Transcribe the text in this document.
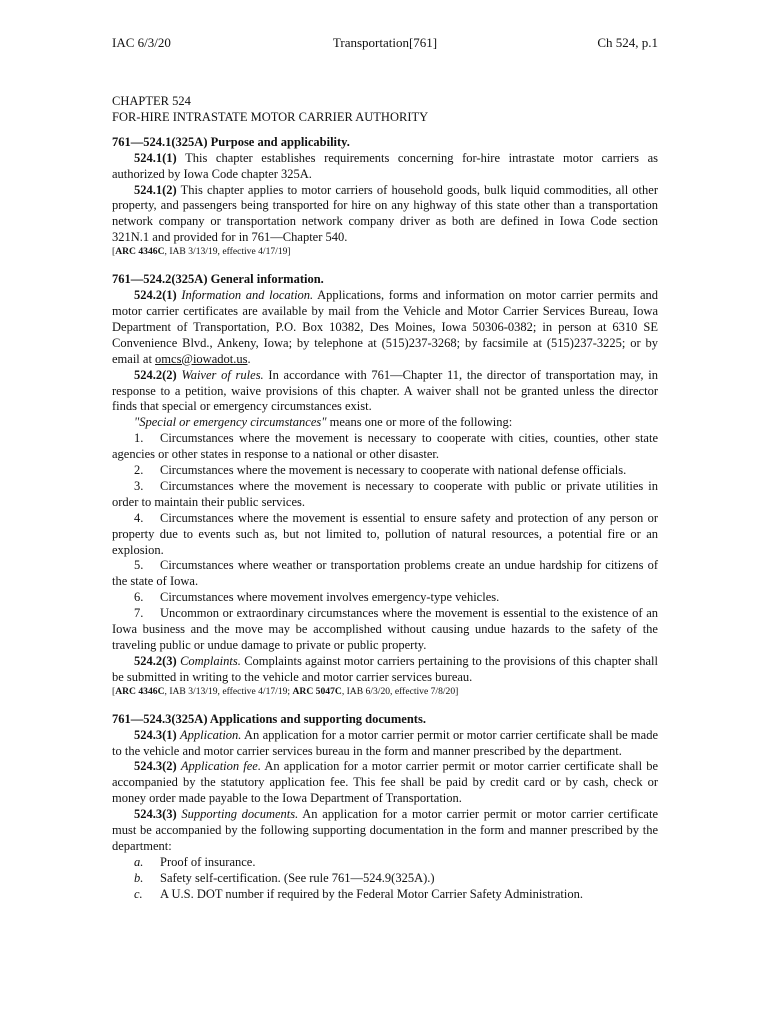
IAC 6/3/20	Transportation[761]	Ch 524, p.1

CHAPTER 524

FOR-HIRE INTRASTATE MOTOR CARRIER AUTHORITY

761—524.1(325A) Purpose and applicability.

524.1(1) This chapter establishes requirements concerning for-hire intrastate motor carriers as authorized by Iowa Code chapter 325A.

524.1(2) This chapter applies to motor carriers of household goods, bulk liquid commodities, all other property, and passengers being transported for hire on any highway of this state other than a transportation network company or transportation network company driver as both are defined in Iowa Code section 321N.1 and provided for in 761—Chapter 540.

[ARC 4346C, IAB 3/13/19, effective 4/17/19]

761—524.2(325A) General information.

524.2(1) Information and location. Applications, forms and information on motor carrier permits and motor carrier certificates are available by mail from the Vehicle and Motor Carrier Services Bureau, Iowa Department of Transportation, P.O. Box 10382, Des Moines, Iowa 50306-0382; in person at 6310 SE Convenience Blvd., Ankeny, Iowa; by telephone at (515)237-3268; by facsimile at (515)237-3225; or by email at omcs@iowadot.us.

524.2(2) Waiver of rules. In accordance with 761—Chapter 11, the director of transportation may, in response to a petition, waive provisions of this chapter. A waiver shall not be granted unless the director finds that special or emergency circumstances exist.

"Special or emergency circumstances" means one or more of the following:

1. Circumstances where the movement is necessary to cooperate with cities, counties, other state agencies or other states in response to a national or other disaster.

2. Circumstances where the movement is necessary to cooperate with national defense officials.

3. Circumstances where the movement is necessary to cooperate with public or private utilities in order to maintain their public services.

4. Circumstances where the movement is essential to ensure safety and protection of any person or property due to events such as, but not limited to, pollution of natural resources, a potential fire or an explosion.

5. Circumstances where weather or transportation problems create an undue hardship for citizens of the state of Iowa.

6. Circumstances where movement involves emergency-type vehicles.

7. Uncommon or extraordinary circumstances where the movement is essential to the existence of an Iowa business and the move may be accomplished without causing undue hazards to the safety of the traveling public or undue damage to private or public property.

524.2(3) Complaints. Complaints against motor carriers pertaining to the provisions of this chapter shall be submitted in writing to the vehicle and motor carrier services bureau.

[ARC 4346C, IAB 3/13/19, effective 4/17/19; ARC 5047C, IAB 6/3/20, effective 7/8/20]

761—524.3(325A) Applications and supporting documents.

524.3(1) Application. An application for a motor carrier permit or motor carrier certificate shall be made to the vehicle and motor carrier services bureau in the form and manner prescribed by the department.

524.3(2) Application fee. An application for a motor carrier permit or motor carrier certificate shall be accompanied by the statutory application fee. This fee shall be paid by credit card or by cash, check or money order made payable to the Iowa Department of Transportation.

524.3(3) Supporting documents. An application for a motor carrier permit or motor carrier certificate must be accompanied by the following supporting documentation in the form and manner prescribed by the department:

a. Proof of insurance.

b. Safety self-certification. (See rule 761—524.9(325A).)

c. A U.S. DOT number if required by the Federal Motor Carrier Safety Administration.
